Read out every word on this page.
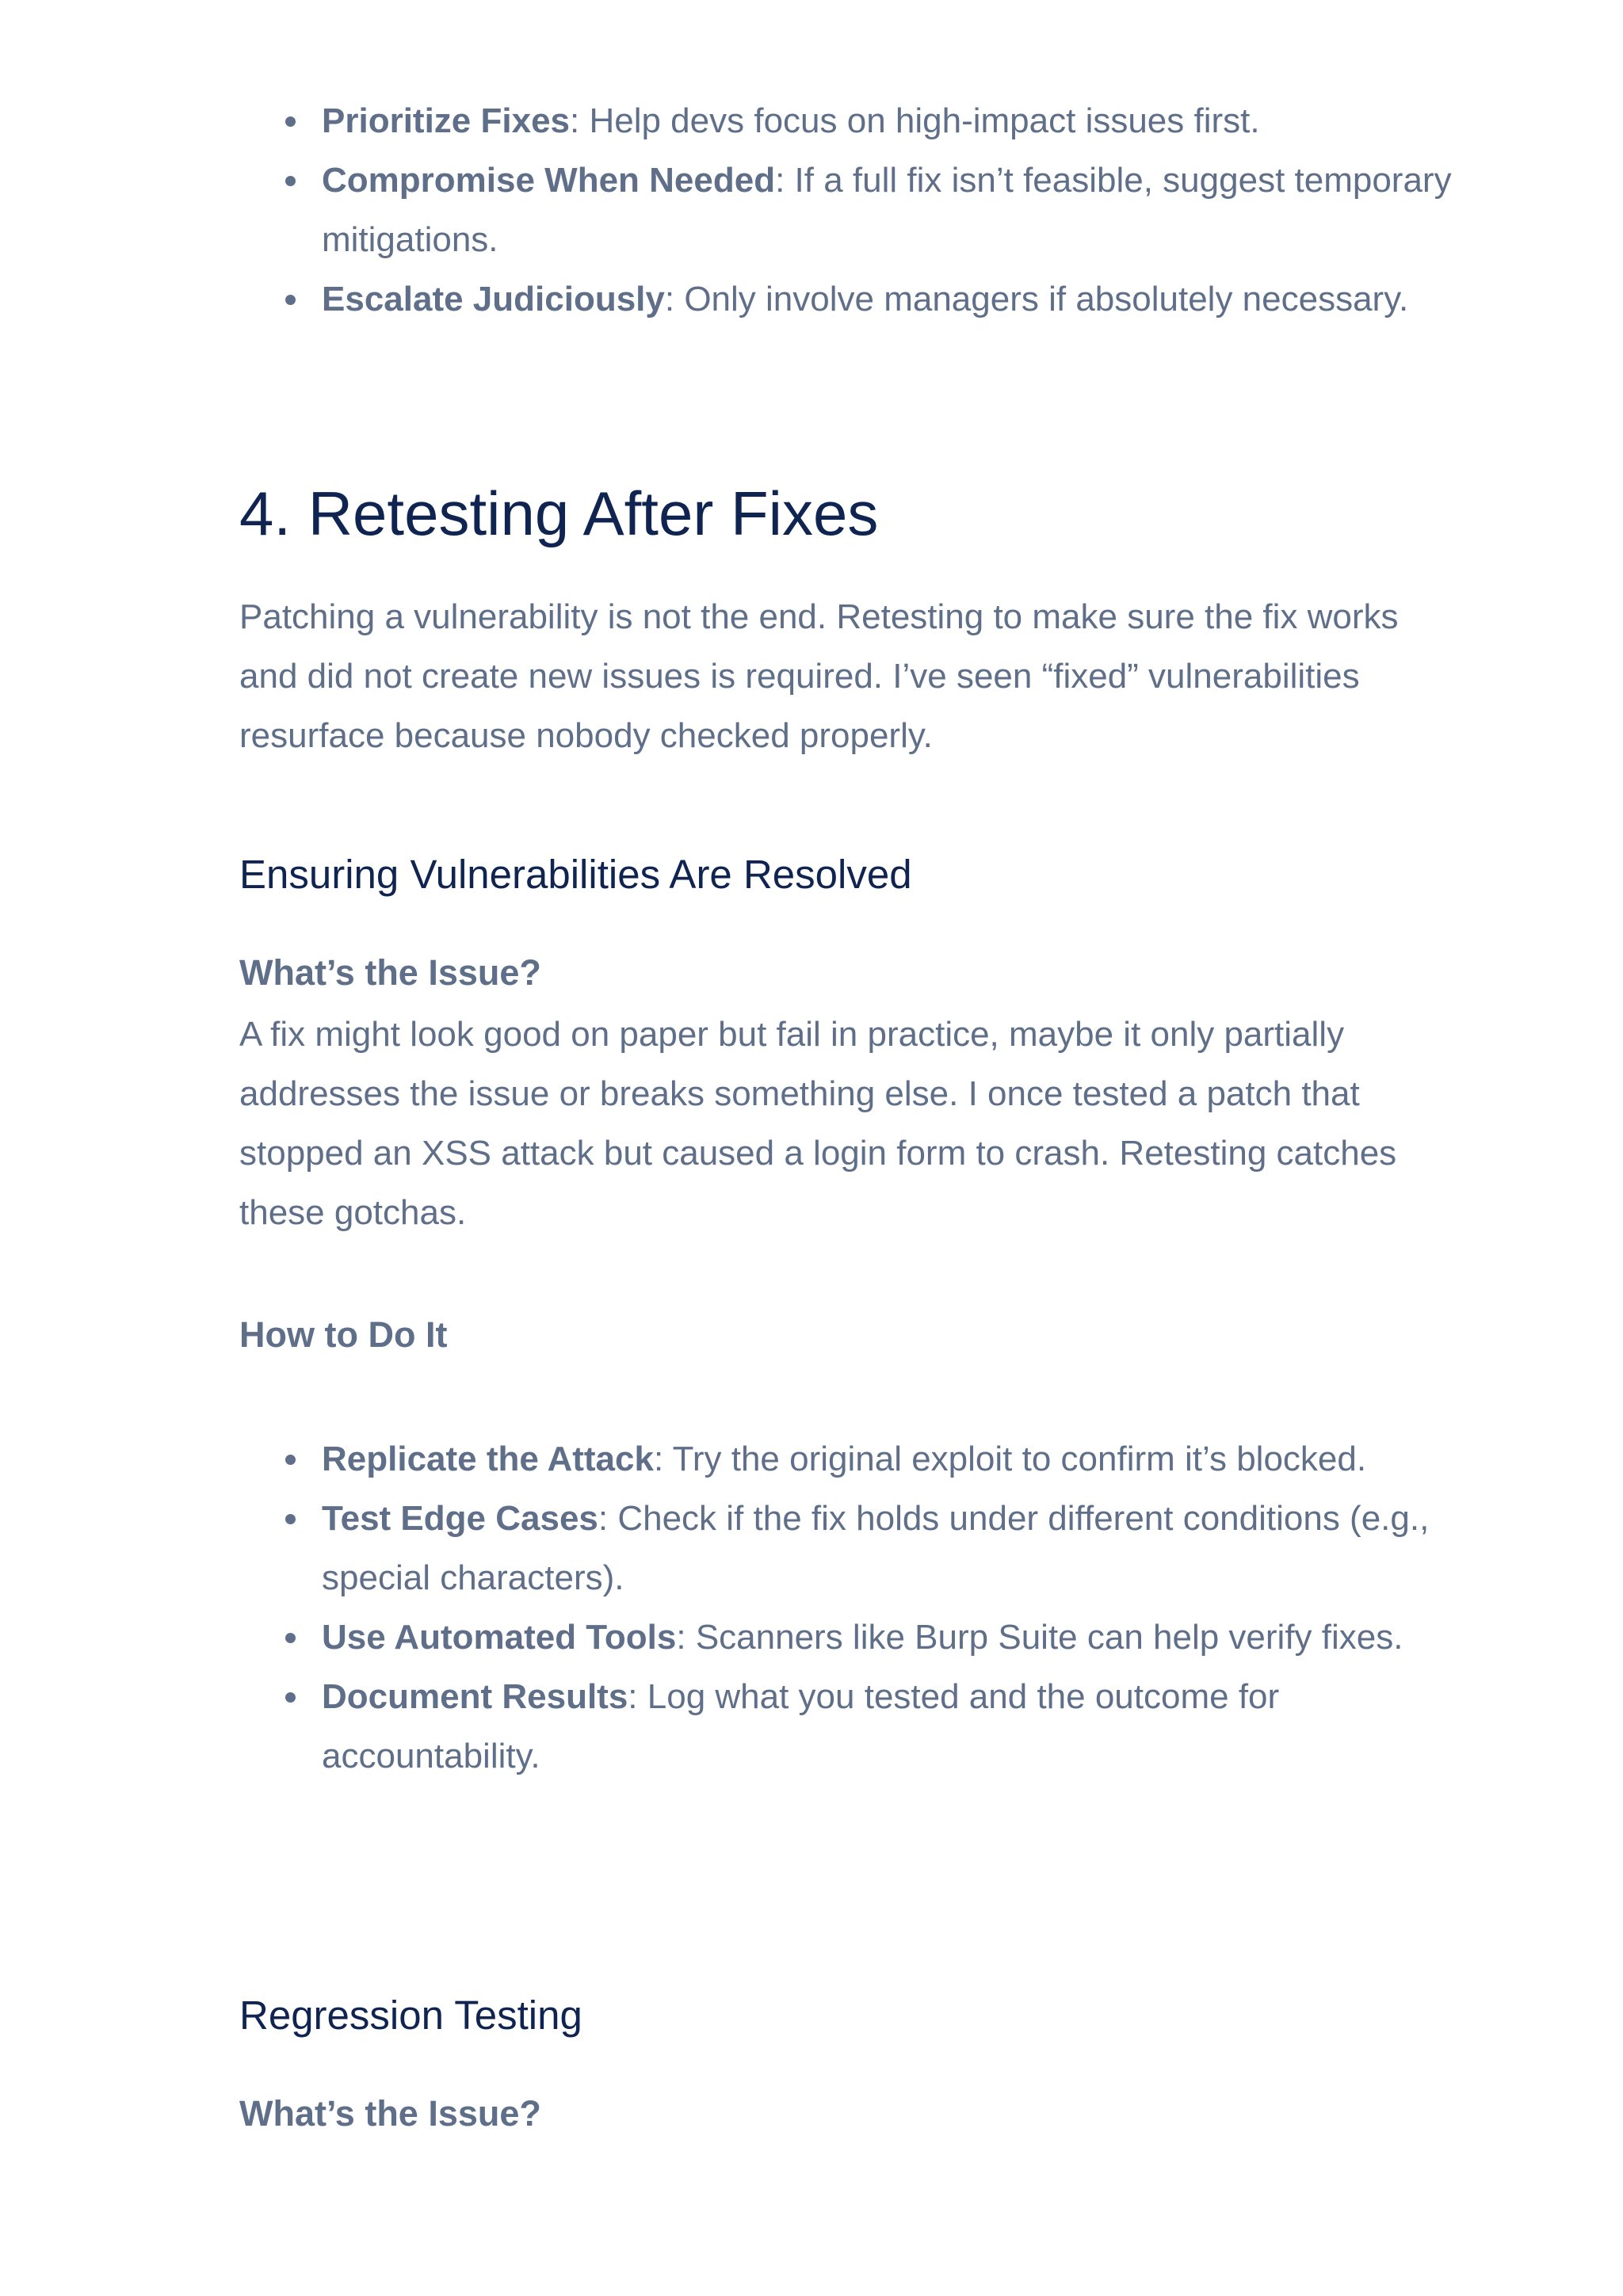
Prioritize Fixes: Help devs focus on high-impact issues first.
Compromise When Needed: If a full fix isn’t feasible, suggest temporary mitigations.
Escalate Judiciously: Only involve managers if absolutely necessary.
4. Retesting After Fixes

Patching a vulnerability is not the end. Retesting to make sure the fix works and did not create new issues is required. I’ve seen “fixed” vulnerabilities resurface because nobody checked properly.

Ensuring Vulnerabilities Are Resolved
What’s the Issue?

A fix might look good on paper but fail in practice, maybe it only partially addresses the issue or breaks something else. I once tested a patch that stopped an XSS attack but caused a login form to crash. Retesting catches these gotchas.

How to Do It
Replicate the Attack: Try the original exploit to confirm it’s blocked.
Test Edge Cases: Check if the fix holds under different conditions (e.g., special characters).
Use Automated Tools: Scanners like Burp Suite can help verify fixes.
Document Results: Log what you tested and the outcome for accountability.
Regression Testing
What’s the Issue?
